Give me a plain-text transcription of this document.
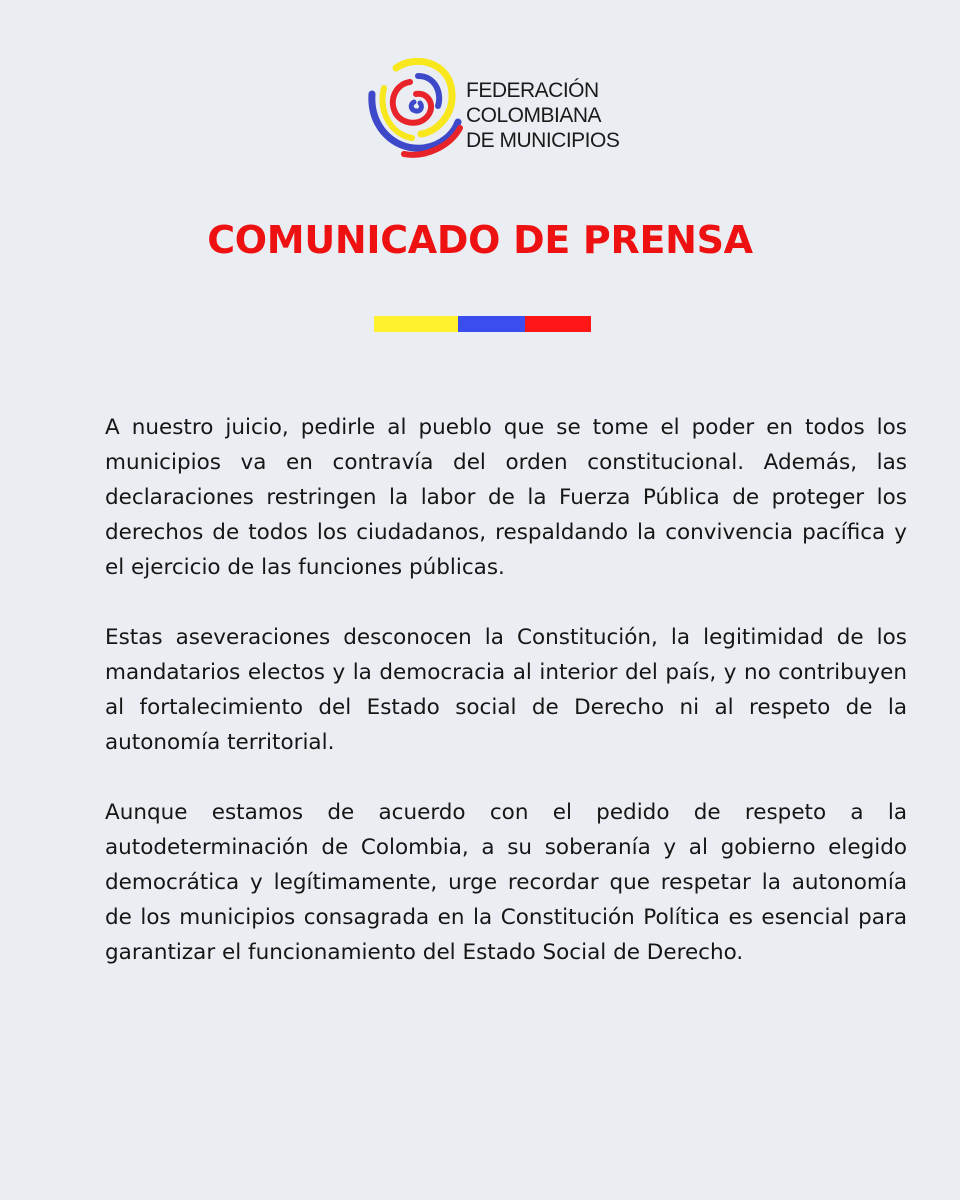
FEDERACIÓN
COLOMBIANA
DE MUNICIPIOS
COMUNICADO DE PRENSA

A nuestro juicio, pedirle al pueblo que se tome el poder en todos los municipios va en contravía del orden constitucional. Además, las declaraciones restringen la labor de la Fuerza Pública de proteger los derechos de todos los ciudadanos, respaldando la convivencia pacífica y el ejercicio de las funciones públicas.

Estas aseveraciones desconocen la Constitución, la legitimidad de los mandatarios electos y la democracia al interior del país, y no contribuyen al fortalecimiento del Estado social de Derecho ni al respeto de la autonomía territorial.

Aunque estamos de acuerdo con el pedido de respeto a la autodeterminación de Colombia, a su soberanía y al gobierno elegido democrática y legítimamente, urge recordar que respetar la autonomía de los municipios consagrada en la Constitución Política es esencial para garantizar el funcionamiento del Estado Social de Derecho.
